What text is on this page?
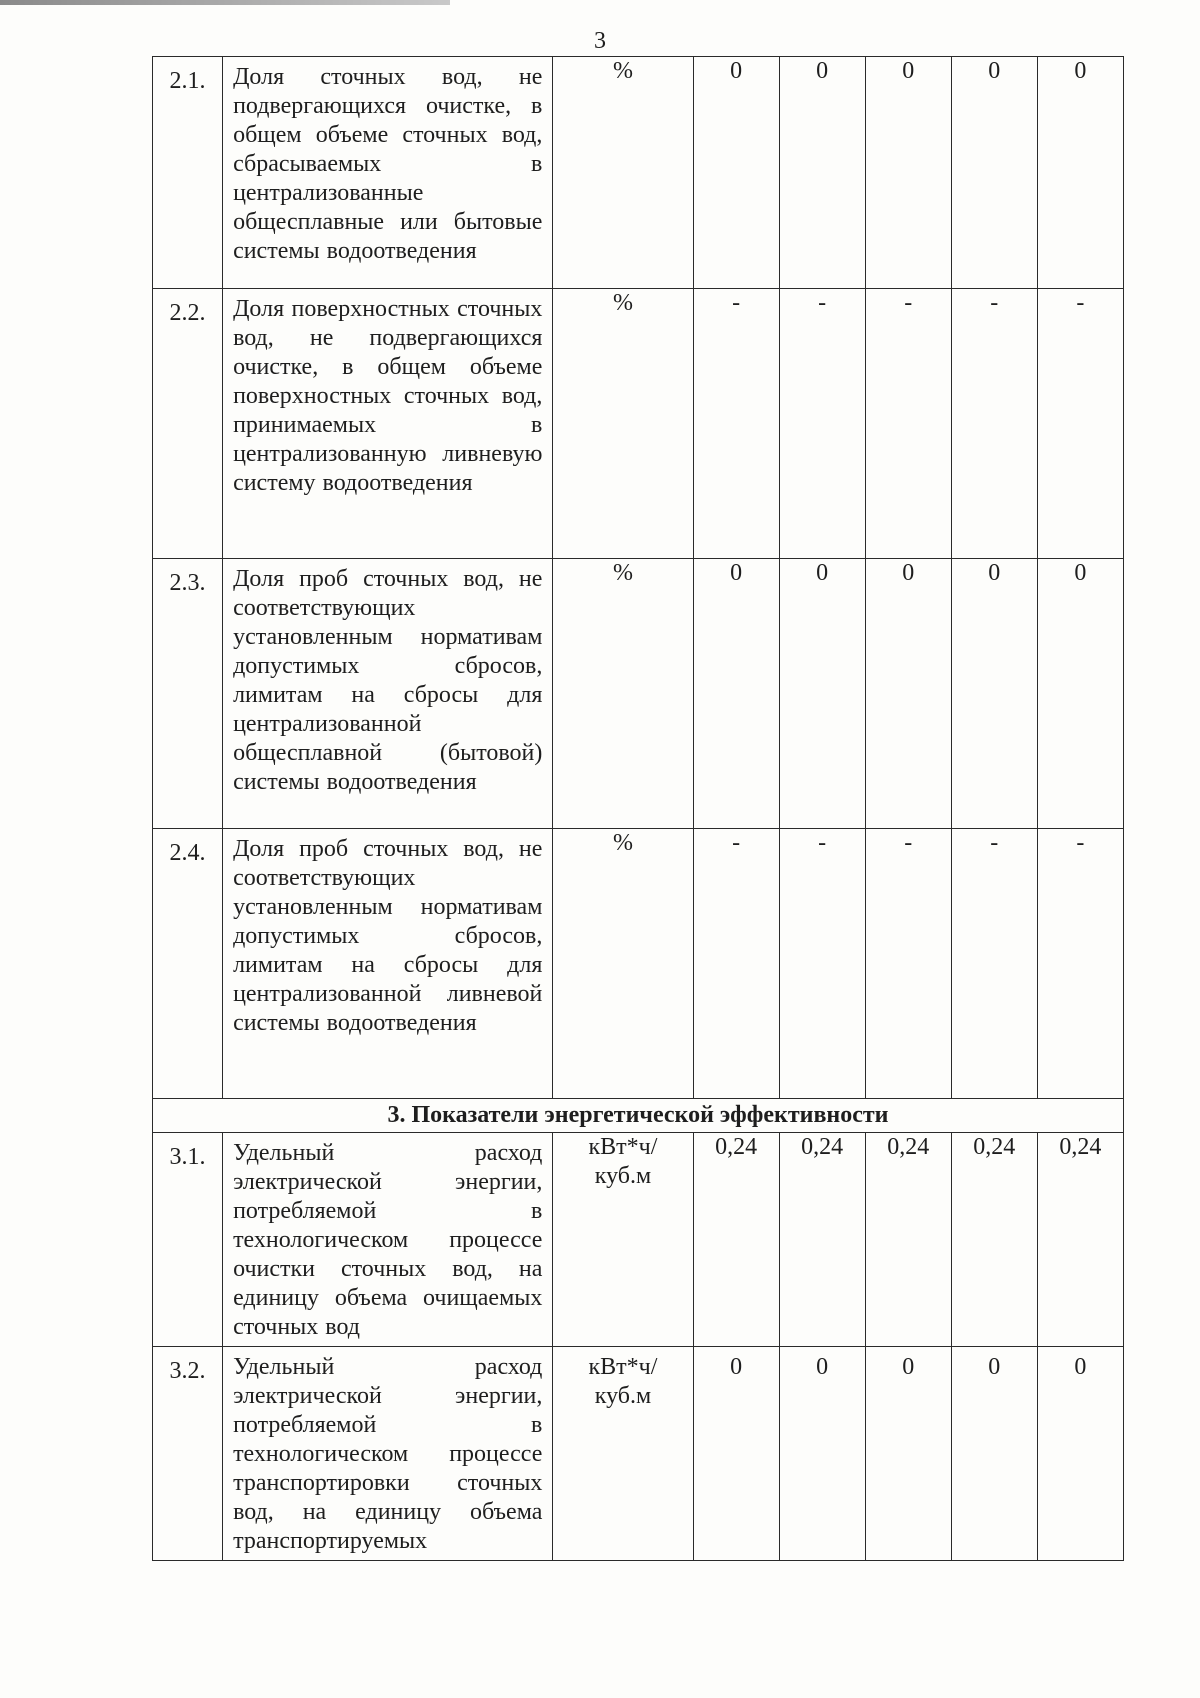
3
2.1.	Доля сточных вод, не подвергающихся очистке, в общем объеме сточных вод, сбрасываемых в централизованные общесплавные или бытовые системы водоотведения	%	0	0	0	0	0
2.2.	Доля поверхностных сточных вод, не подвергающихся очистке, в общем объеме поверхностных сточных вод, принимаемых в централизованную ливневую систему водоотведения	%	-	-	-	-	-
2.3.	Доля проб сточных вод, не соответствующих установленным нормативам допустимых сбросов, лимитам на сбросы для централизованной общесплавной (бытовой) системы водоотведения	%	0	0	0	0	0
2.4.	Доля проб сточных вод, не соответствующих установленным нормативам допустимых сбросов, лимитам на сбросы для централизованной ливневой системы водоотведения	%	-	-	-	-	-
3. Показатели энергетической эффективности							
3.1.	Удельный расход электрической энергии, потребляемой в технологическом процессе очистки сточных вод, на единицу объема очищаемых сточных вод	кВт*ч/ куб.м	0,24	0,24	0,24	0,24	0,24
3.2.	Удельный расход электрической энергии, потребляемой в технологическом процессе транспортировки сточных вод, на единицу объема транспортируемых	кВт*ч/ куб.м	0	0	0	0	0
